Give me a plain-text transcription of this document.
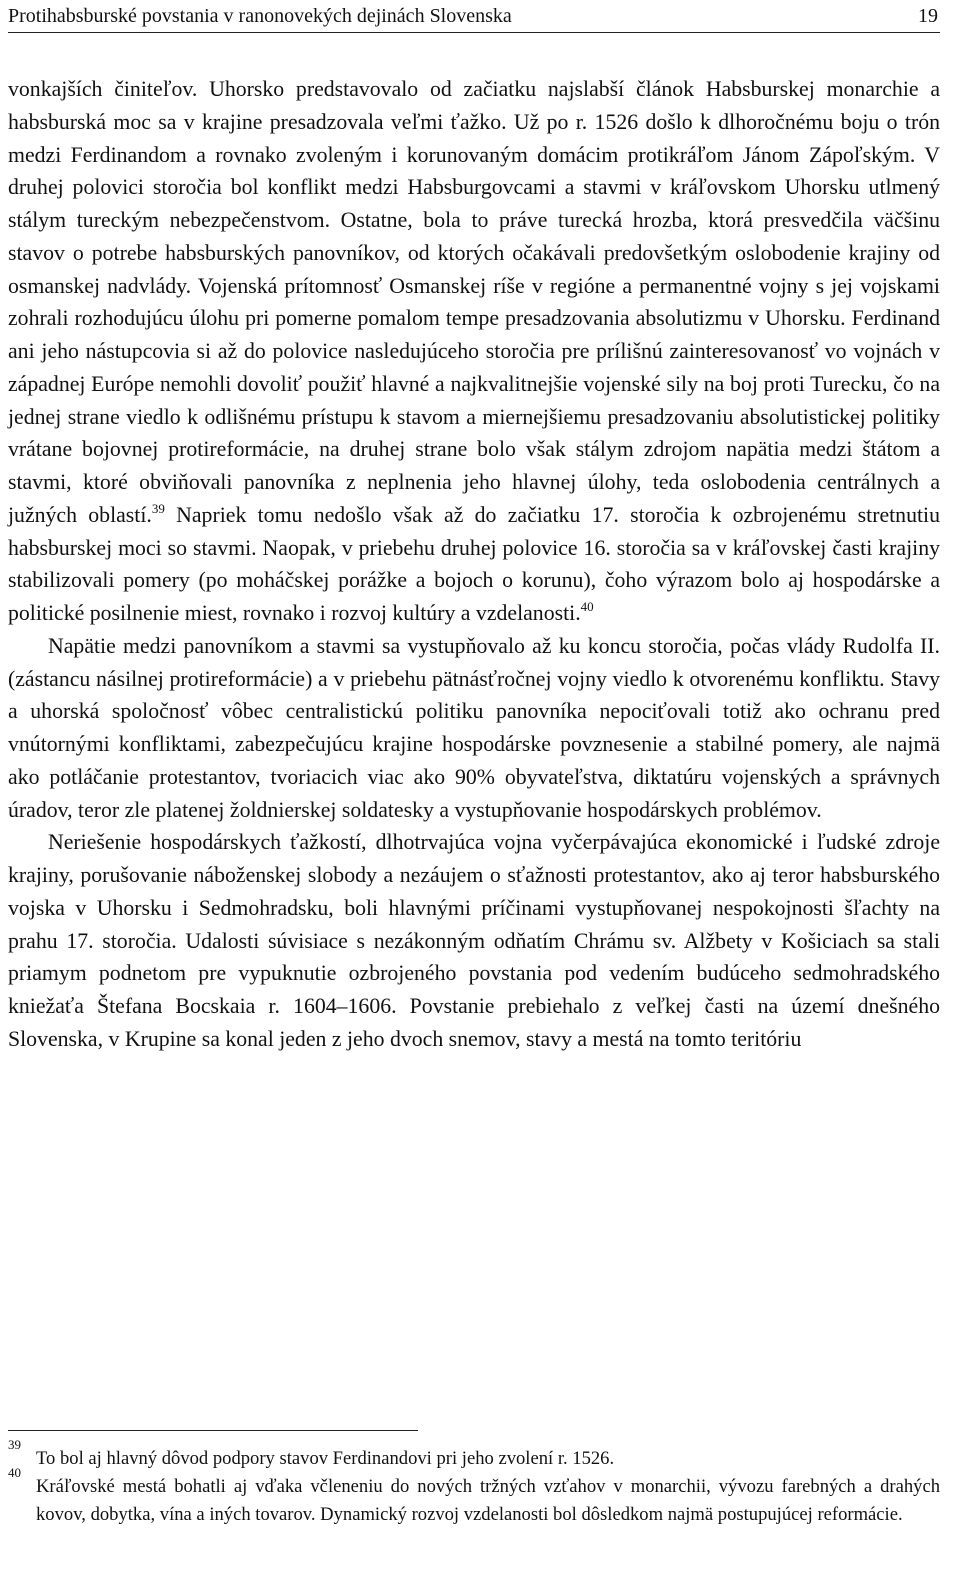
Protihabsburské povstania v ranonovekých dejinách Slovenska	19

vonkajších činiteľov. Uhorsko predstavovalo od začiatku najslabší článok Habsburskej monarchie a habsburská moc sa v krajine presadzovala veľmi ťažko. Už po r. 1526 došlo k dlhoročnému boju o trón medzi Ferdinandom a rovnako zvoleným i korunovaným domácim protikráľom Jánom Zápoľským. V druhej polovici storočia bol konflikt medzi Habsburgovcami a stavmi v kráľovskom Uhorsku utlmený stálym tureckým nebezpečenstvom. Ostatne, bola to práve turecká hrozba, ktorá presvedčila väčšinu stavov o potrebe habsburských panovníkov, od ktorých očakávali predovšetkým oslobodenie krajiny od osmanskej nadvlády. Vojenská prítomnosť Osmanskej ríše v regióne a permanentné vojny s jej vojskami zohrali rozhodujúcu úlohu pri pomerne pomalom tempe presadzovania absolutizmu v Uhorsku. Ferdinand ani jeho nástupcovia si až do polovice nasledujúceho storočia pre prílišnú zainteresovanosť vo vojnách v západnej Európe nemohli dovoliť použiť hlavné a najkvalitnejšie vojenské sily na boj proti Turecku, čo na jednej strane viedlo k odlišnému prístupu k stavom a miernejšiemu presadzovaniu absolutistickej politiky vrátane bojovnej protireformácie, na druhej strane bolo však stálym zdrojom napätia medzi štátom a stavmi, ktoré obviňovali panovníka z neplnenia jeho hlavnej úlohy, teda oslobodenia centrálnych a južných oblastí.$^{39}$ Napriek tomu nedošlo však až do začiatku 17. storočia k ozbrojenému stretnutiu habsburskej moci so stavmi. Naopak, v priebehu druhej polovice 16. storočia sa v kráľovskej časti krajiny stabilizovali pomery (po moháčskej porážke a bojoch o korunu), čoho výrazom bolo aj hospodárske a politické posilnenie miest, rovnako i rozvoj kultúry a vzdelanosti.$^{40}$

Napätie medzi panovníkom a stavmi sa vystupňovalo až ku koncu storočia, počas vlády Rudolfa II. (zástancu násilnej protireformácie) a v priebehu pätnásťročnej vojny viedlo k otvorenému konfliktu. Stavy a uhorská spoločnosť vôbec centralistickú politiku panovníka nepociťovali totiž ako ochranu pred vnútornými konfliktami, zabezpečujúcu krajine hospodárske povznesenie a stabilné pomery, ale najmä ako potláčanie protestantov, tvoriacich viac ako 90% obyvateľstva, diktatúru vojenských a správnych úradov, teror zle platenej žoldnierskej soldatesky a vystupňovanie hospodárskych problémov.

Neriešenie hospodárskych ťažkostí, dlhotrvajúca vojna vyčerpávajúca ekonomické i ľudské zdroje krajiny, porušovanie náboženskej slobody a nezáujem o sťažnosti protestantov, ako aj teror habsburského vojska v Uhorsku i Sedmohradsku, boli hlavnými príčinami vystupňovanej nespokojnosti šľachty na prahu 17. storočia. Udalosti súvisiace s nezákonným odňatím Chrámu sv. Alžbety v Košiciach sa stali priamym podnetom pre vypuknutie ozbrojeného povstania pod vedením budúceho sedmohradského kniežaťa Štefana Bocskaia r. 1604–1606. Povstanie prebiehalo z veľkej časti na území dnešného Slovenska, v Krupine sa konal jeden z jeho dvoch snemov, stavy a mestá na tomto teritóriu

39
To bol aj hlavný dôvod podpory stavov Ferdinandovi pri jeho zvolení r. 1526.
40
Kráľovské mestá bohatli aj vďaka včleneniu do nových tržných vzťahov v monarchii, vývozu farebných a drahých kovov, dobytka, vína a iných tovarov. Dynamický rozvoj vzdelanosti bol dôsledkom najmä postupujúcej reformácie.
